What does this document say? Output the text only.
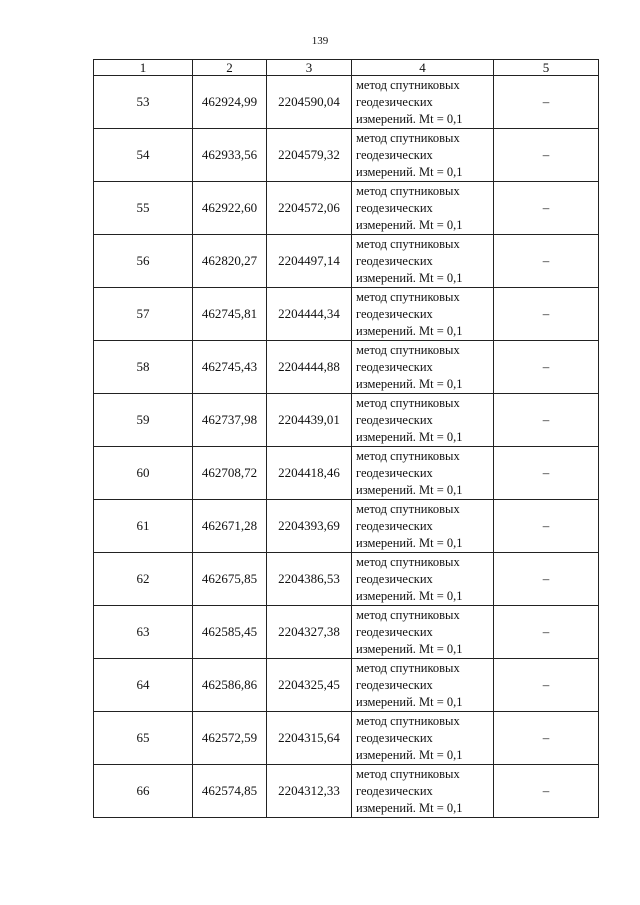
139
1	2	3	4	5
53	462924,99	2204590,04	метод спутниковых
геодезических
измерений. Mt = 0,1	–
54	462933,56	2204579,32	метод спутниковых
геодезических
измерений. Mt = 0,1	–
55	462922,60	2204572,06	метод спутниковых
геодезических
измерений. Mt = 0,1	–
56	462820,27	2204497,14	метод спутниковых
геодезических
измерений. Mt = 0,1	–
57	462745,81	2204444,34	метод спутниковых
геодезических
измерений. Mt = 0,1	–
58	462745,43	2204444,88	метод спутниковых
геодезических
измерений. Mt = 0,1	–
59	462737,98	2204439,01	метод спутниковых
геодезических
измерений. Mt = 0,1	–
60	462708,72	2204418,46	метод спутниковых
геодезических
измерений. Mt = 0,1	–
61	462671,28	2204393,69	метод спутниковых
геодезических
измерений. Mt = 0,1	–
62	462675,85	2204386,53	метод спутниковых
геодезических
измерений. Mt = 0,1	–
63	462585,45	2204327,38	метод спутниковых
геодезических
измерений. Mt = 0,1	–
64	462586,86	2204325,45	метод спутниковых
геодезических
измерений. Mt = 0,1	–
65	462572,59	2204315,64	метод спутниковых
геодезических
измерений. Mt = 0,1	–
66	462574,85	2204312,33	метод спутниковых
геодезических
измерений. Mt = 0,1	–
